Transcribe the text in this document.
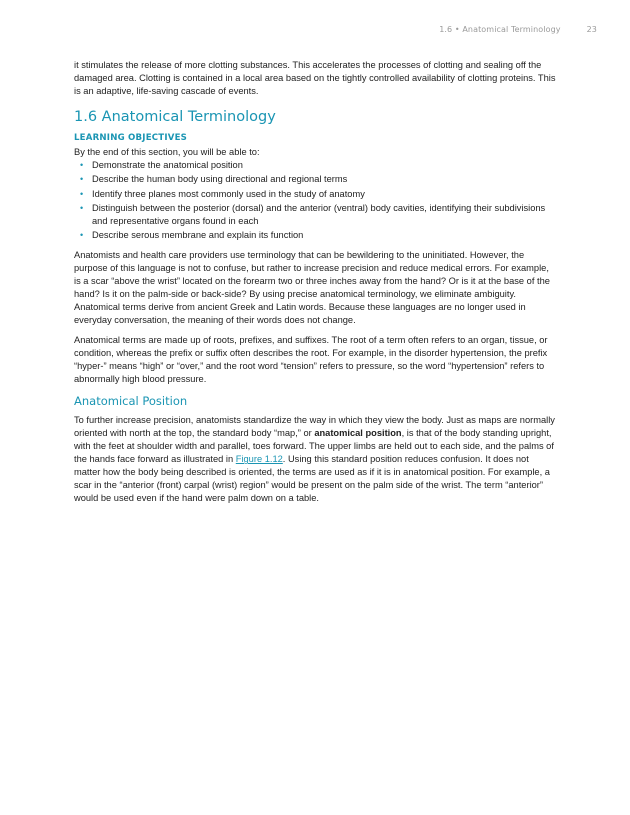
1.6 • Anatomical Terminology	23

it stimulates the release of more clotting substances. This accelerates the processes of clotting and sealing off the damaged area. Clotting is contained in a local area based on the tightly controlled availability of clotting proteins. This is an adaptive, life-saving cascade of events.

1.6 Anatomical Terminology
LEARNING OBJECTIVES

By the end of this section, you will be able to:

• Demonstrate the anatomical position
• Describe the human body using directional and regional terms
• Identify three planes most commonly used in the study of anatomy
• Distinguish between the posterior (dorsal) and the anterior (ventral) body cavities, identifying their subdivisions and representative organs found in each
• Describe serous membrane and explain its function

Anatomists and health care providers use terminology that can be bewildering to the uninitiated. However, the purpose of this language is not to confuse, but rather to increase precision and reduce medical errors. For example, is a scar “above the wrist” located on the forearm two or three inches away from the hand? Or is it at the base of the hand? Is it on the palm-side or back-side? By using precise anatomical terminology, we eliminate ambiguity. Anatomical terms derive from ancient Greek and Latin words. Because these languages are no longer used in everyday conversation, the meaning of their words does not change.

Anatomical terms are made up of roots, prefixes, and suffixes. The root of a term often refers to an organ, tissue, or condition, whereas the prefix or suffix often describes the root. For example, in the disorder hypertension, the prefix “hyper-” means “high” or “over,” and the root word “tension” refers to pressure, so the word “hypertension” refers to abnormally high blood pressure.

Anatomical Position

To further increase precision, anatomists standardize the way in which they view the body. Just as maps are normally oriented with north at the top, the standard body “map,” or anatomical position, is that of the body standing upright, with the feet at shoulder width and parallel, toes forward. The upper limbs are held out to each side, and the palms of the hands face forward as illustrated in Figure 1.12. Using this standard position reduces confusion. It does not matter how the body being described is oriented, the terms are used as if it is in anatomical position. For example, a scar in the “anterior (front) carpal (wrist) region” would be present on the palm side of the wrist. The term “anterior” would be used even if the hand were palm down on a table.
